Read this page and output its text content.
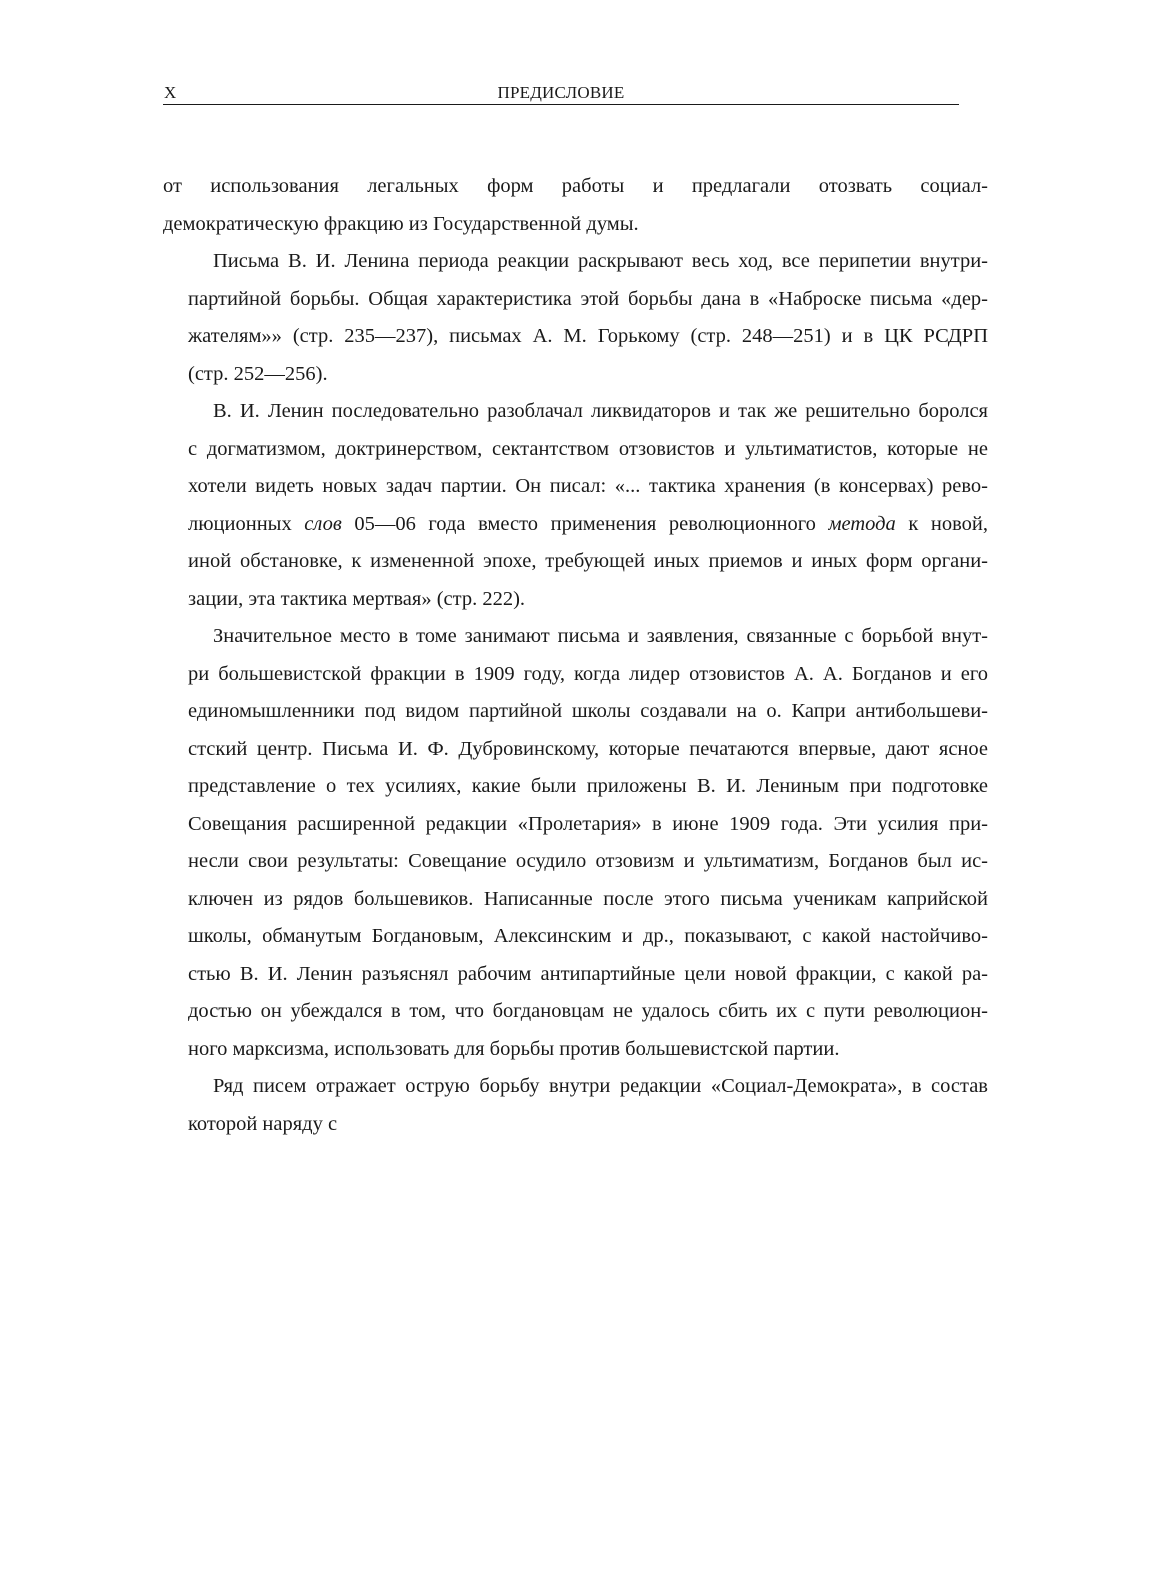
X	ПРЕДИСЛОВИЕ

от использования легальных форм работы и предлагали отозвать социал-
демократическую фракцию из Государственной думы.

Письма В. И. Ленина периода реакции раскрывают весь ход, все перипетии внутри-
партийной борьбы. Общая характеристика этой борьбы дана в «Наброске письма «дер-
жателям»» (стр. 235—237), письмах А. М. Горькому (стр. 248—251) и в ЦК РСДРП
(стр. 252—256).

В. И. Ленин последовательно разоблачал ликвидаторов и так же решительно боролся
с догматизмом, доктринерством, сектантством отзовистов и ультиматистов, которые не
хотели видеть новых задач партии. Он писал: «... тактика хранения (в консервах) рево-
люционных слов 05—06 года вместо применения революционного метода к новой,
иной обстановке, к измененной эпохе, требующей иных приемов и иных форм органи-
зации, эта тактика мертвая» (стр. 222).

Значительное место в томе занимают письма и заявления, связанные с борьбой внут-
ри большевистской фракции в 1909 году, когда лидер отзовистов А. А. Богданов и его
единомышленники под видом партийной школы создавали на о. Капри антибольшеви-
стский центр. Письма И. Ф. Дубровинскому, которые печатаются впервые, дают ясное
представление о тех усилиях, какие были приложены В. И. Лениным при подготовке
Совещания расширенной редакции «Пролетария» в июне 1909 года. Эти усилия при-
несли свои результаты: Совещание осудило отзовизм и ультиматизм, Богданов был ис-
ключен из рядов большевиков. Написанные после этого письма ученикам каприйской
школы, обманутым Богдановым, Алексинским и др., показывают, с какой настойчиво-
стью В. И. Ленин разъяснял рабочим антипартийные цели новой фракции, с какой ра-
достью он убеждался в том, что богдановцам не удалось сбить их с пути революцион-
ного марксизма, использовать для борьбы против большевистской партии.

Ряд писем отражает острую борьбу внутри редакции «Социал-Демократа», в состав
которой наряду с
